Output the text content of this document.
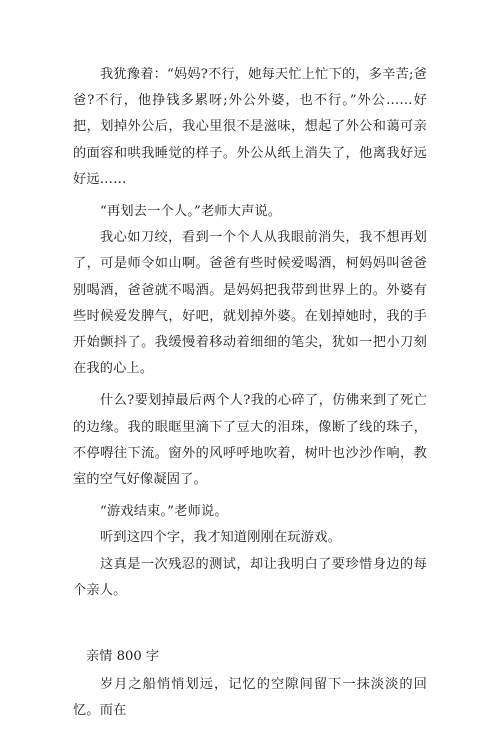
我犹豫着：“妈妈?不行，她每天忙上忙下的，多辛苦;爸爸?不行，他挣钱多累呀;外公外婆，也不行。”外公……好把，划掉外公后，我心里很不是滋味，想起了外公和蔼可亲的面容和哄我睡觉的样子。外公从纸上消失了，他离我好远好远……

“再划去一个人。”老师大声说。

我心如刀绞，看到一个个人从我眼前消失，我不想再划了，可是师令如山啊。爸爸有些时候爱喝酒，柯妈妈叫爸爸别喝酒，爸爸就不喝酒。是妈妈把我带到世界上的。外婆有些时候爱发脾气，好吧，就划掉外婆。在划掉她时，我的手开始颤抖了。我缓慢着移动着细细的笔尖，犹如一把小刀刻在我的心上。

什么?要划掉最后两个人?我的心碎了，仿佛来到了死亡的边缘。我的眼眶里滴下了豆大的泪珠，像断了线的珠子，不停嘚往下流。窗外的风呼呼地吹着，树叶也沙沙作响，教室的空气好像凝固了。

“游戏结束。”老师说。

听到这四个字，我才知道刚刚在玩游戏。

这真是一次残忍的测试，却让我明白了要珍惜身边的每个亲人。

亲情 800 字

岁月之船悄悄划远，记忆的空隙间留下一抹淡淡的回忆。而在
